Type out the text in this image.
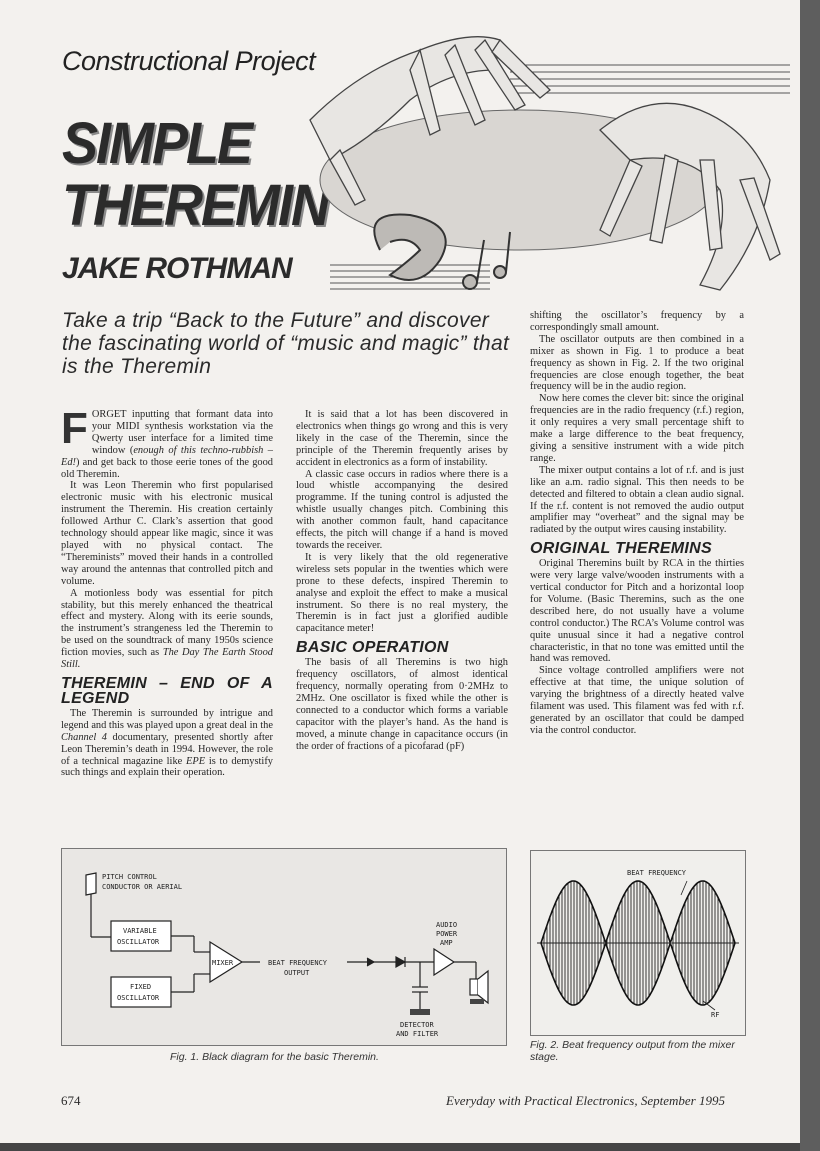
Constructional Project
SIMPLE
THEREMIN
JAKE ROTHMAN
Take a trip “Back to the Future” and discover the fascinating world of “music and magic” that is the Theremin

FORGET inputting that formant data into your MIDI synthesis workstation via the Qwerty user interface for a limited time window (enough of this techno-rubbish – Ed!) and get back to those eerie tones of the good old Theremin.

It was Leon Theremin who first popularised electronic music with his electronic musical instrument the Theremin. His creation certainly followed Arthur C. Clark’s assertion that good technology should appear like magic, since it was played with no physical contact. The “Thereminists” moved their hands in a controlled way around the antennas that controlled pitch and volume.

A motionless body was essential for pitch stability, but this merely enhanced the theatrical effect and mystery. Along with its eerie sounds, the instrument’s strangeness led the Theremin to be used on the soundtrack of many 1950s science fiction movies, such as The Day The Earth Stood Still.

THEREMIN – END OF A LEGEND

The Theremin is surrounded by intrigue and legend and this was played upon a great deal in the Channel 4 documentary, presented shortly after Leon Theremin’s death in 1994. However, the role of a technical magazine like EPE is to demystify such things and explain their operation.

It is said that a lot has been discovered in electronics when things go wrong and this is very likely in the case of the Theremin, since the principle of the Theremin frequently arises by accident in electronics as a form of instability.

A classic case occurs in radios where there is a loud whistle accompanying the desired programme. If the tuning control is adjusted the whistle usually changes pitch. Combining this with another common fault, hand capacitance effects, the pitch will change if a hand is moved towards the receiver.

It is very likely that the old regenerative wireless sets popular in the twenties which were prone to these defects, inspired Theremin to analyse and exploit the effect to make a musical instrument. So there is no real mystery, the Theremin is in fact just a glorified audible capacitance meter!

BASIC OPERATION

The basis of all Theremins is two high frequency oscillators, of almost identical frequency, normally operating from 0·2MHz to 2MHz. One oscillator is fixed while the other is connected to a conductor which forms a variable capacitor with the player’s hand. As the hand is moved, a minute change in capacitance occurs (in the order of fractions of a picofarad (pF)

shifting the oscillator’s frequency by a correspondingly small amount.

The oscillator outputs are then combined in a mixer as shown in Fig. 1 to produce a beat frequency as shown in Fig. 2. If the two original frequencies are close enough together, the beat frequency will be in the audio region.

Now here comes the clever bit: since the original frequencies are in the radio frequency (r.f.) region, it only requires a very small percentage shift to make a large difference to the beat frequency, giving a sensitive instrument with a wide pitch range.

The mixer output contains a lot of r.f. and is just like an a.m. radio signal. This then needs to be detected and filtered to obtain a clean audio signal. If the r.f. content is not removed the audio output amplifier may “overheat” and the signal may be radiated by the output wires causing instability.

ORIGINAL THEREMINS

Original Theremins built by RCA in the thirties were very large valve/wooden instruments with a vertical conductor for Pitch and a horizontal loop for Volume. (Basic Theremins, such as the one described here, do not usually have a volume control conductor.) The RCA’s Volume control was quite unusual since it had a negative control characteristic, in that no tone was emitted until the hand was removed.

Since voltage controlled amplifiers were not effective at that time, the unique solution of varying the brightness of a directly heated valve filament was used. This filament was fed with r.f. generated by an oscillator that could be damped via the control conductor.

PITCH CONTROL
CONDUCTOR OR AERIAL
VARIABLE
OSCILLATOR
FIXED
OSCILLATOR
MIXER	BEAT FREQUENCY
OUTPUT
AUDIO
POWER
AMP
DETECTOR
AND FILTER
Fig. 1. Black diagram for the basic Theremin.
BEAT FREQUENCY
RF
Fig. 2. Beat frequency output from the mixer stage.
674	Everyday with Practical Electronics, September 1995
